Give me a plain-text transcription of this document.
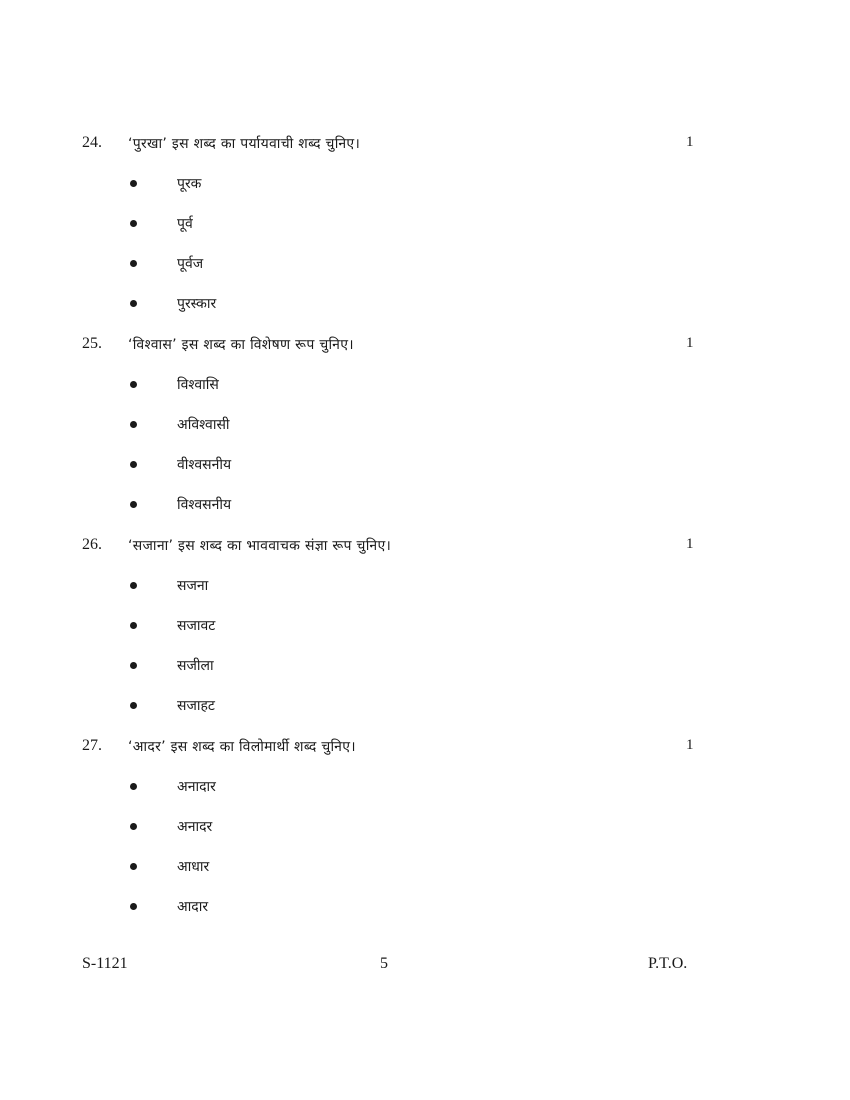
24. ‘पुरखा’ इस शब्द का पर्यायवाची शब्द चुनिए।	1
पूरक
पूर्व
पूर्वज
पुरस्कार
25. ‘विश्वास’ इस शब्द का विशेषण रूप चुनिए।	1
विश्वासि
अविश्वासी
वीश्वसनीय
विश्वसनीय
26. ‘सजाना’ इस शब्द का भाववाचक संज्ञा रूप चुनिए।	1
सजना
सजावट
सजीला
सजाहट
27. ‘आदर’ इस शब्द का विलोमार्थी शब्द चुनिए।	1
अनादार
अनादर
आधार
आदार
S-1121	5	P.T.O.
